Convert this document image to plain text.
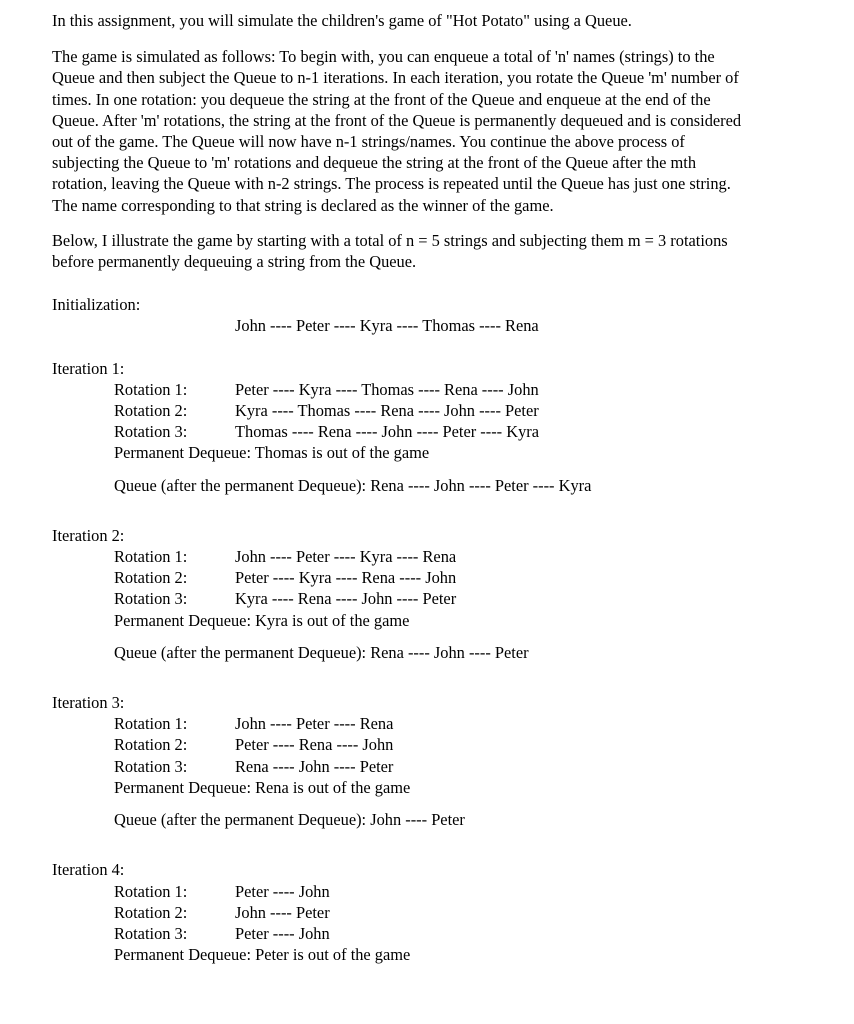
In this assignment, you will simulate the children's game of "Hot Potato" using a Queue.

The game is simulated as follows: To begin with, you can enqueue a total of 'n' names (strings) to the
Queue and then subject the Queue to n-1 iterations. In each iteration, you rotate the Queue 'm' number of
times. In one rotation: you dequeue the string at the front of the Queue and enqueue at the end of the
Queue. After 'm' rotations, the string at the front of the Queue is permanently dequeued and is considered
out of the game. The Queue will now have n-1 strings/names. You continue the above process of
subjecting the Queue to 'm' rotations and dequeue the string at the front of the Queue after the mth
rotation, leaving the Queue with n-2 strings. The process is repeated until the Queue has just one string.
The name corresponding to that string is declared as the winner of the game.
Below, I illustrate the game by starting with a total of n = 5 strings and subjecting them m = 3 rotations
before permanently dequeuing a string from the Queue.
Initialization:
John ---- Peter ---- Kyra ---- Thomas ---- Rena
Iteration 1:
Rotation 1:	Peter ---- Kyra ---- Thomas ---- Rena ---- John
Rotation 2:	Kyra ---- Thomas ---- Rena ---- John ---- Peter
Rotation 3:	Thomas ---- Rena ---- John ---- Peter ---- Kyra
Permanent Dequeue: Thomas is out of the game
Queue (after the permanent Dequeue): Rena ---- John ---- Peter ---- Kyra
Iteration 2:
Rotation 1:	John ---- Peter ---- Kyra ---- Rena
Rotation 2:	Peter ---- Kyra ---- Rena ---- John
Rotation 3:	Kyra ---- Rena ---- John ---- Peter
Permanent Dequeue: Kyra is out of the game
Queue (after the permanent Dequeue): Rena ---- John ---- Peter
Iteration 3:
Rotation 1:	John ---- Peter ---- Rena
Rotation 2:	Peter ---- Rena ---- John
Rotation 3:	Rena ---- John ---- Peter
Permanent Dequeue: Rena is out of the game
Queue (after the permanent Dequeue): John ---- Peter
Iteration 4:
Rotation 1:	Peter ---- John
Rotation 2:	John ---- Peter
Rotation 3:	Peter ---- John
Permanent Dequeue: Peter is out of the game
